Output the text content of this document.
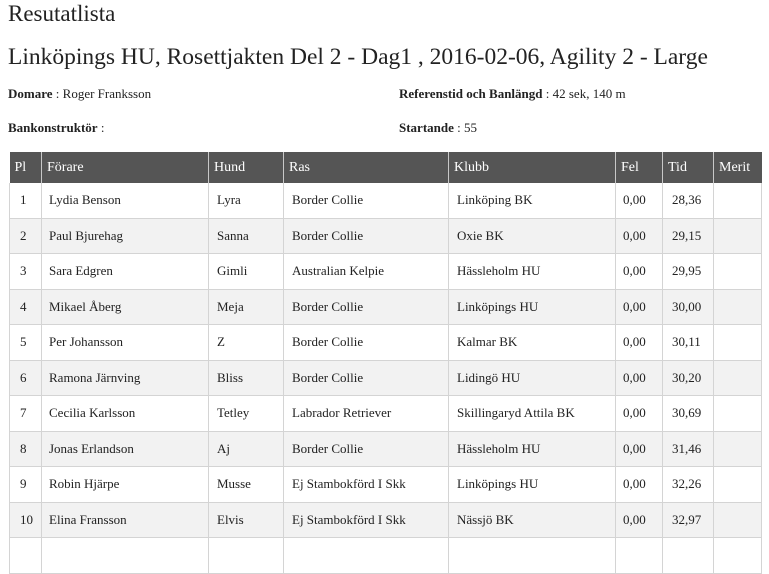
Resutatlista
Linköpings HU, Rosettjakten Del 2 - Dag1 , 2016-02-06, Agility 2 - Large
Domare : Roger Franksson	Referenstid och Banlängd : 42 sek, 140 m
Bankonstruktör :	Startande : 55
Pl	Förare	Hund	Ras	Klubb	Fel	Tid	Merit
1	Lydia Benson	Lyra	Border Collie	Linköping BK	0,00	28,36	
2	Paul Bjurehag	Sanna	Border Collie	Oxie BK	0,00	29,15	
3	Sara Edgren	Gimli	Australian Kelpie	Hässleholm HU	0,00	29,95	
4	Mikael Åberg	Meja	Border Collie	Linköpings HU	0,00	30,00	
5	Per Johansson	Z	Border Collie	Kalmar BK	0,00	30,11	
6	Ramona Järnving	Bliss	Border Collie	Lidingö HU	0,00	30,20	
7	Cecilia Karlsson	Tetley	Labrador Retriever	Skillingaryd Attila BK	0,00	30,69	
8	Jonas Erlandson	Aj	Border Collie	Hässleholm HU	0,00	31,46	
9	Robin Hjärpe	Musse	Ej Stambokförd I Skk	Linköpings HU	0,00	32,26	
10	Elina Fransson	Elvis	Ej Stambokförd I Skk	Nässjö BK	0,00	32,97	
